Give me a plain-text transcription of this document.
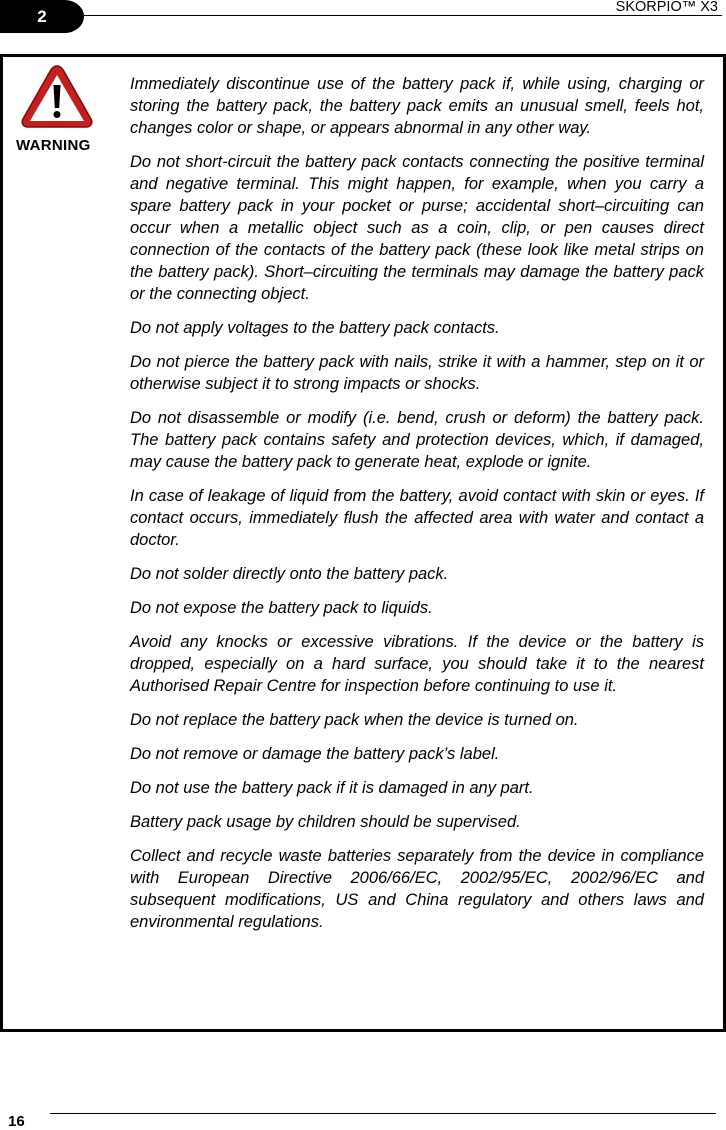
2	SKORPIO™ X3
WARNING

Immediately discontinue use of the battery pack if, while using, charging or storing the battery pack, the battery pack emits an unusual smell, feels hot, changes color or shape, or appears abnormal in any other way.

Do not short-circuit the battery pack contacts connecting the positive terminal and negative terminal. This might happen, for example, when you carry a spare battery pack in your pocket or purse; accidental short–circuiting can occur when a metallic object such as a coin, clip, or pen causes direct connection of the contacts of the battery pack (these look like metal strips on the battery pack). Short–circuiting the terminals may damage the battery pack or the connecting object.

Do not apply voltages to the battery pack contacts.

Do not pierce the battery pack with nails, strike it with a hammer, step on it or otherwise subject it to strong impacts or shocks.

Do not disassemble or modify (i.e. bend, crush or deform) the battery pack. The battery pack contains safety and protection devices, which, if damaged, may cause the battery pack to generate heat, explode or ignite.

In case of leakage of liquid from the battery, avoid contact with skin or eyes. If contact occurs, immediately flush the affected area with water and contact a doctor.

Do not solder directly onto the battery pack.

Do not expose the battery pack to liquids.

Avoid any knocks or excessive vibrations. If the device or the battery is dropped, especially on a hard surface, you should take it to the nearest Authorised Repair Centre for inspection before continuing to use it.

Do not replace the battery pack when the device is turned on.

Do not remove or damage the battery pack’s label.

Do not use the battery pack if it is damaged in any part.

Battery pack usage by children should be supervised.

Collect and recycle waste batteries separately from the device in compliance with European Directive 2006/66/EC, 2002/95/EC, 2002/96/EC and subsequent modifications, US and China regulatory and others laws and environmental regulations.

16
